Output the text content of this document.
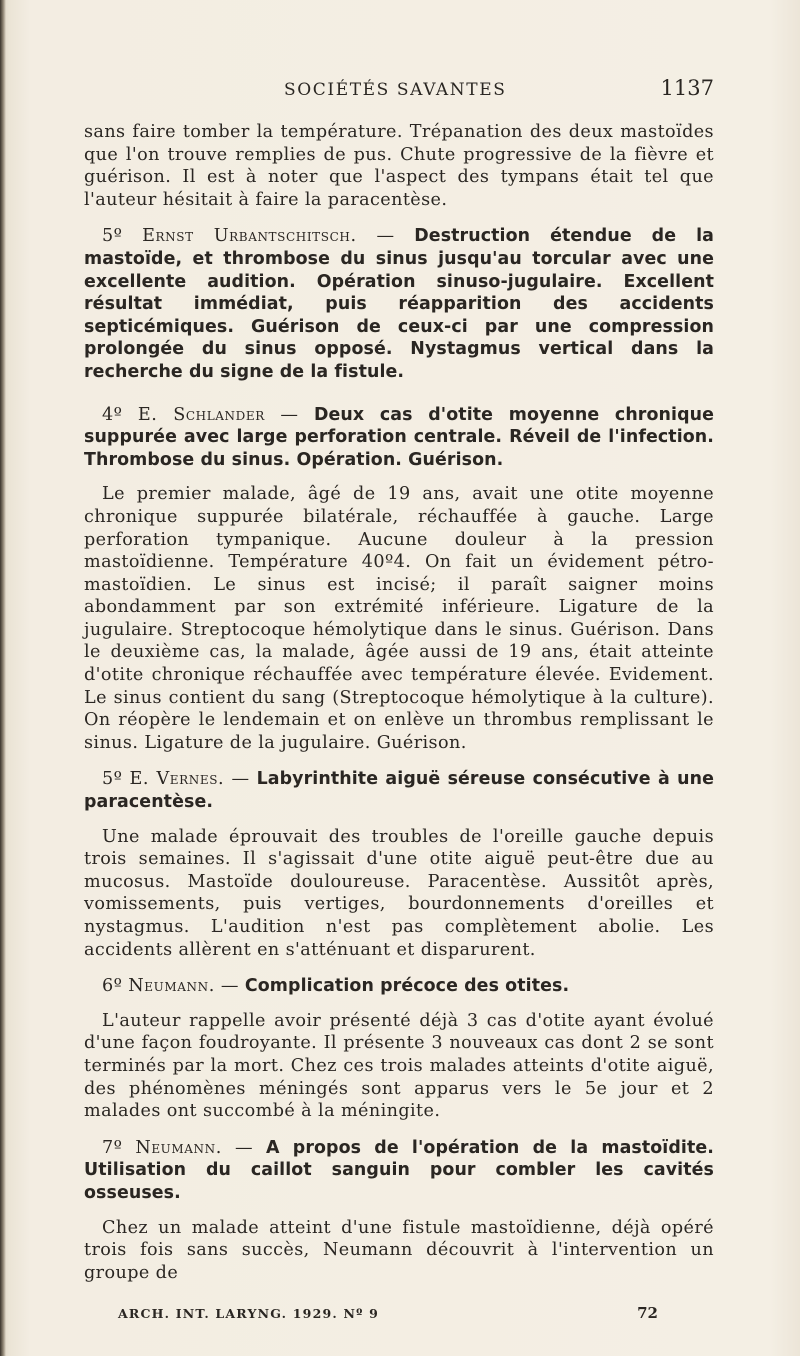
SOCIÉTÉS SAVANTES	1137

sans faire tomber la température. Trépanation des deux mastoïdes que l'on trouve remplies de pus. Chute progressive de la fièvre et guérison. Il est à noter que l'aspect des tympans était tel que l'auteur hésitait à faire la paracentèse.

5º Ernst Urbantschitsch. — Destruction étendue de la mastoïde, et thrombose du sinus jusqu'au torcular avec une excellente audition. Opération sinuso-jugulaire. Excellent résultat immédiat, puis réapparition des accidents septicémiques. Guérison de ceux-ci par une compression prolongée du sinus opposé. Nystagmus vertical dans la recherche du signe de la fistule.

4º E. Schlander — Deux cas d'otite moyenne chronique suppurée avec large perforation centrale. Réveil de l'infection. Thrombose du sinus. Opération. Guérison.

Le premier malade, âgé de 19 ans, avait une otite moyenne chronique suppurée bilatérale, réchauffée à gauche. Large perforation tympanique. Aucune douleur à la pression mastoïdienne. Température 40º4. On fait un évidement pétro-mastoïdien. Le sinus est incisé; il paraît saigner moins abondamment par son extrémité inférieure. Ligature de la jugulaire. Streptocoque hémolytique dans le sinus. Guérison. Dans le deuxième cas, la malade, âgée aussi de 19 ans, était atteinte d'otite chronique réchauffée avec température élevée. Evidement. Le sinus contient du sang (Streptocoque hémolytique à la culture). On réopère le lendemain et on enlève un thrombus remplissant le sinus. Ligature de la jugulaire. Guérison.

5º E. Vernes. — Labyrinthite aiguë séreuse consécutive à une paracentèse.

Une malade éprouvait des troubles de l'oreille gauche depuis trois semaines. Il s'agissait d'une otite aiguë peut-être due au mucosus. Mastoïde douloureuse. Paracentèse. Aussitôt après, vomissements, puis vertiges, bourdonnements d'oreilles et nystagmus. L'audition n'est pas complètement abolie. Les accidents allèrent en s'atténuant et disparurent.

6º Neumann. — Complication précoce des otites.

L'auteur rappelle avoir présenté déjà 3 cas d'otite ayant évolué d'une façon foudroyante. Il présente 3 nouveaux cas dont 2 se sont terminés par la mort. Chez ces trois malades atteints d'otite aiguë, des phénomènes méningés sont apparus vers le 5e jour et 2 malades ont succombé à la méningite.

7º Neumann. — A propos de l'opération de la mastoïdite. Utilisation du caillot sanguin pour combler les cavités osseuses.

Chez un malade atteint d'une fistule mastoïdienne, déjà opéré trois fois sans succès, Neumann découvrit à l'intervention un groupe de

ARCH. INT. LARYNG. 1929. Nº 9	72
